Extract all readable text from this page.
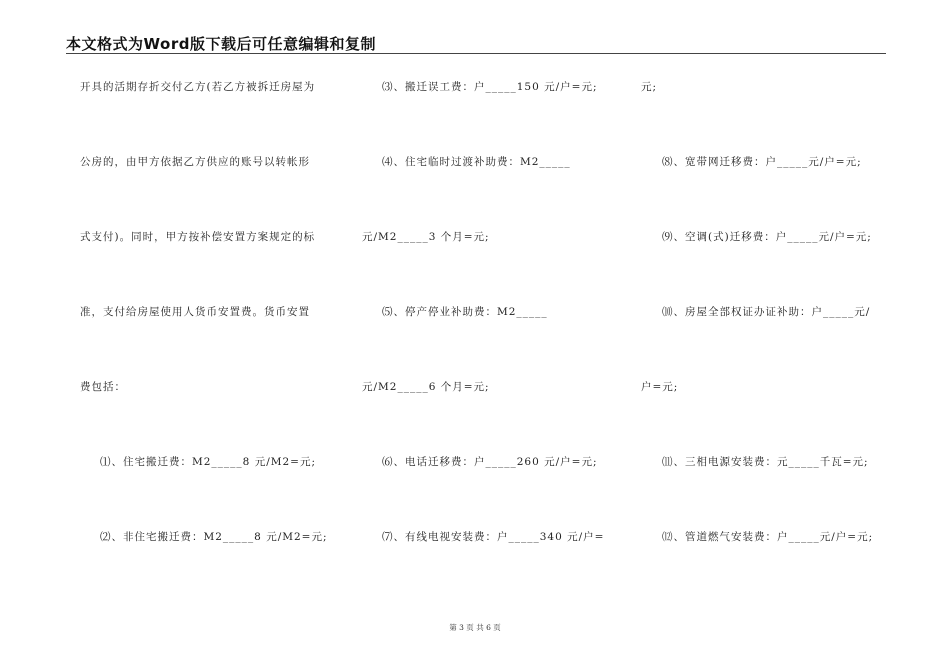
本文格式为Word版下载后可任意编辑和复制
开具的活期存折交付乙方(若乙方被拆迁房屋为
公房的，由甲方依据乙方供应的账号以转帐形
式支付)。同时，甲方按补偿安置方案规定的标
准，支付给房屋使用人货币安置费。货币安置
费包括：
⑴、住宅搬迁费：M2_____8 元/M2=元;
⑵、非住宅搬迁费：M2_____8 元/M2=元;
⑶、搬迁误工费：户_____150 元/户=元;
⑷、住宅临时过渡补助费：M2_____
元/M2_____3 个月=元;
⑸、停产停业补助费：M2_____
元/M2_____6 个月=元;
⑹、电话迁移费：户_____260 元/户=元;
⑺、有线电视安装费：户_____340 元/户=
元;
⑻、宽带网迁移费：户_____元/户=元;
⑼、空调(式)迁移费：户_____元/户=元;
⑽、房屋全部权证办证补助：户_____元/
户=元;
⑾、三相电源安装费：元_____千瓦=元;
⑿、管道燃气安装费：户_____元/户=元;
第 3 页 共 6 页
